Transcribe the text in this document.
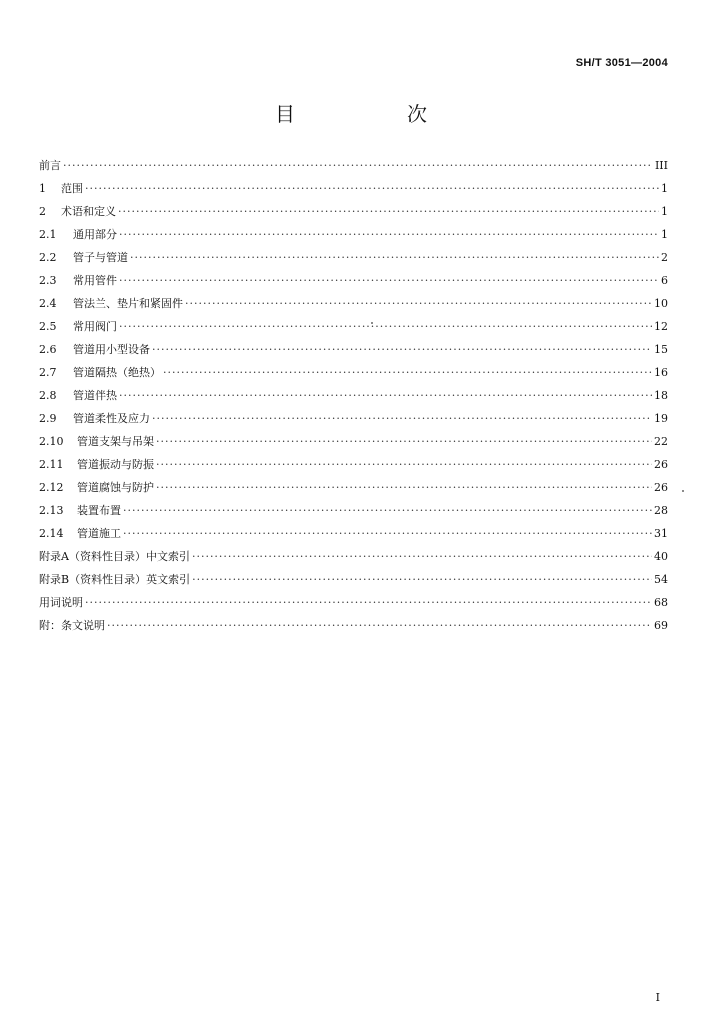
SH/T 3051—2004
目	次
前言 ·····	III
1	范围 ·····	1
2	术语和定义 ·····	1
2.1	通用部分 ·····	1
2.2	管子与管道 ·····	2
2.3	常用管件 ·····	6
2.4	管法兰、垫片和紧固件 ·····	10
2.5	常用阀门 ·····	12
2.6	管道用小型设备 ·····	15
2.7	管道隔热（绝热） ·····	16
2.8	管道伴热 ·····	18
2.9	管道柔性及应力 ·····	19
2.10	管道支架与吊架 ·····	22
2.11	管道振动与防振 ·····	26
2.12	管道腐蚀与防护 ·····	26
2.13	装置布置 ·····	28
2.14	管道施工 ·····	31
附录A（资料性目录）中文索引 ·····	40
附录B（资料性目录）英文索引 ·····	54
用词说明 ·····	68
附：条文说明 ·····	69
I
